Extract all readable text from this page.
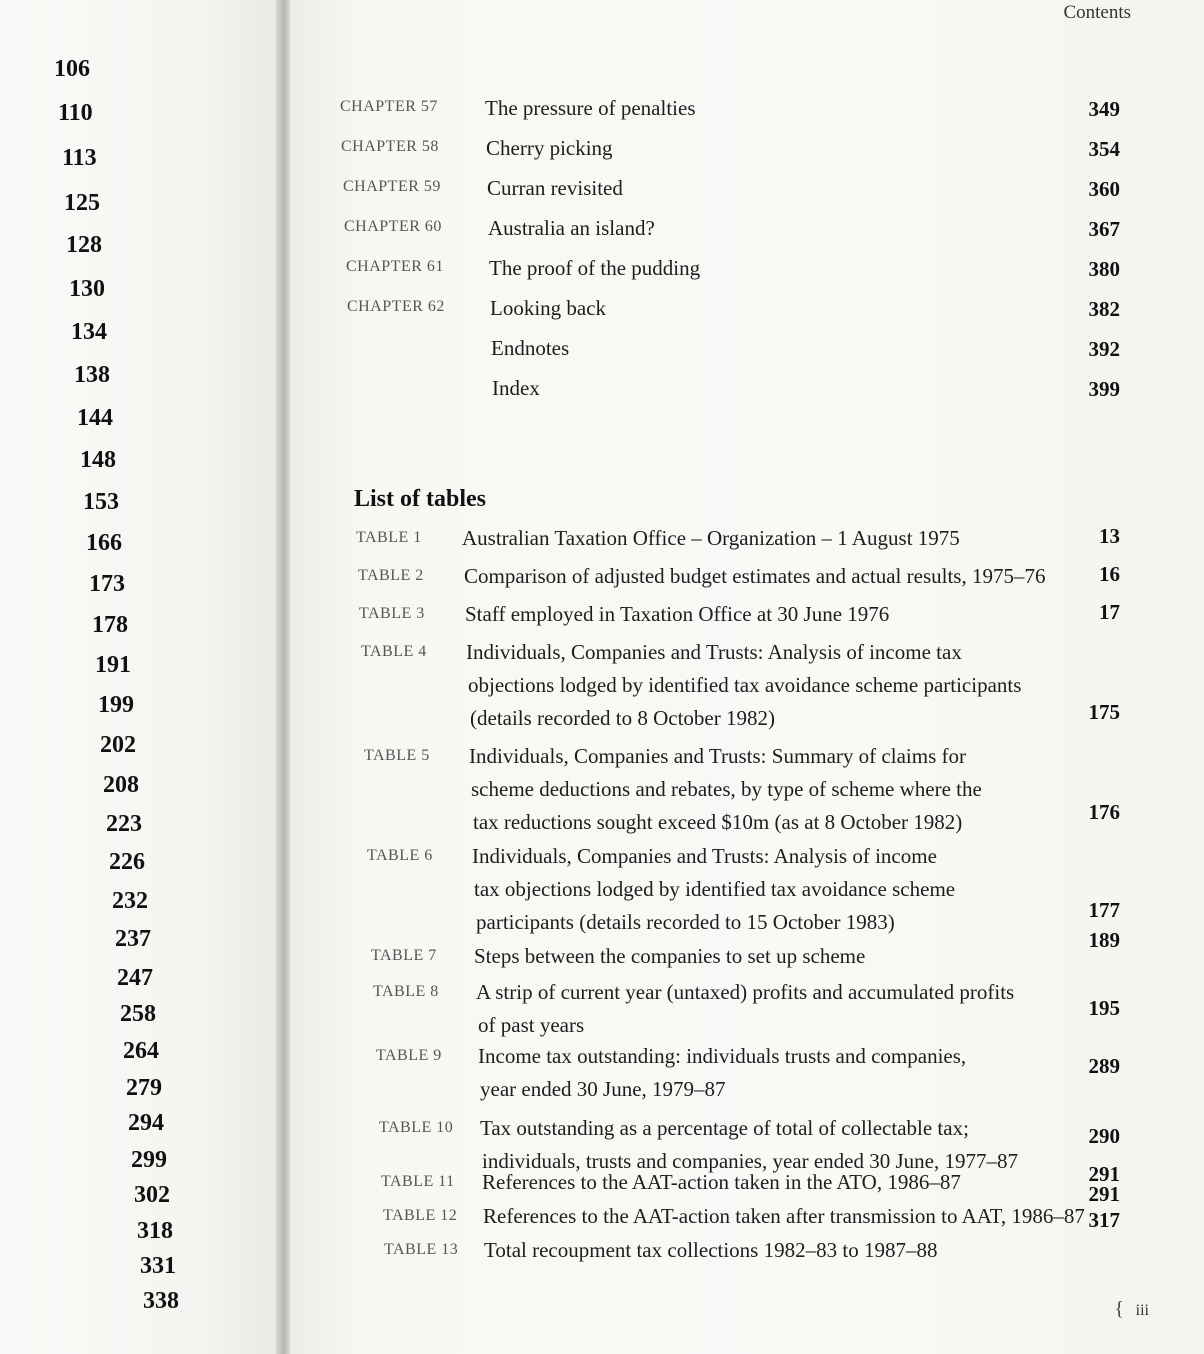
106
110
113
125
128
130
134
138
144
148
153
166
173
178
191
199
202
208
223
226
232
237
247
258
264
279
294
299
302
318
331
338
Contents
CHAPTER 57 The pressure of penalties	349
CHAPTER 58 Cherry picking	354
CHAPTER 59 Curran revisited	360
CHAPTER 60 Australia an island?	367
CHAPTER 61 The proof of the pudding	380
CHAPTER 62 Looking back	382
Endnotes	392
Index	399
List of tables
TABLE 1 Australian Taxation Office – Organization – 1 August 1975	13
TABLE 2 Comparison of adjusted budget estimates and actual results, 1975–76	16
TABLE 3 Staff employed in Taxation Office at 30 June 1976	17
TABLE 4 Individuals, Companies and Trusts: Analysis of income tax
objections lodged by identified tax avoidance scheme participants
(details recorded to 8 October 1982)	175
TABLE 5 Individuals, Companies and Trusts: Summary of claims for
scheme deductions and rebates, by type of scheme where the
tax reductions sought exceed $10m (as at 8 October 1982)	176
TABLE 6 Individuals, Companies and Trusts: Analysis of income
tax objections lodged by identified tax avoidance scheme
participants (details recorded to 15 October 1983)	177
TABLE 7 Steps between the companies to set up scheme
189
TABLE 8 A strip of current year (untaxed) profits and accumulated profits
of past years
195
TABLE 9 Income tax outstanding: individuals trusts and companies,
year ended 30 June, 1979–87
289
TABLE 10 Tax outstanding as a percentage of total of collectable tax;
individuals, trusts and companies, year ended 30 June, 1977–87
290
TABLE 11 References to the AAT-action taken in the ATO, 1986–87	291
TABLE 12 References to the AAT-action taken after transmission to AAT, 1986–87
291
TABLE 13 Total recoupment tax collections 1982–83 to 1987–88
317
{ iii
